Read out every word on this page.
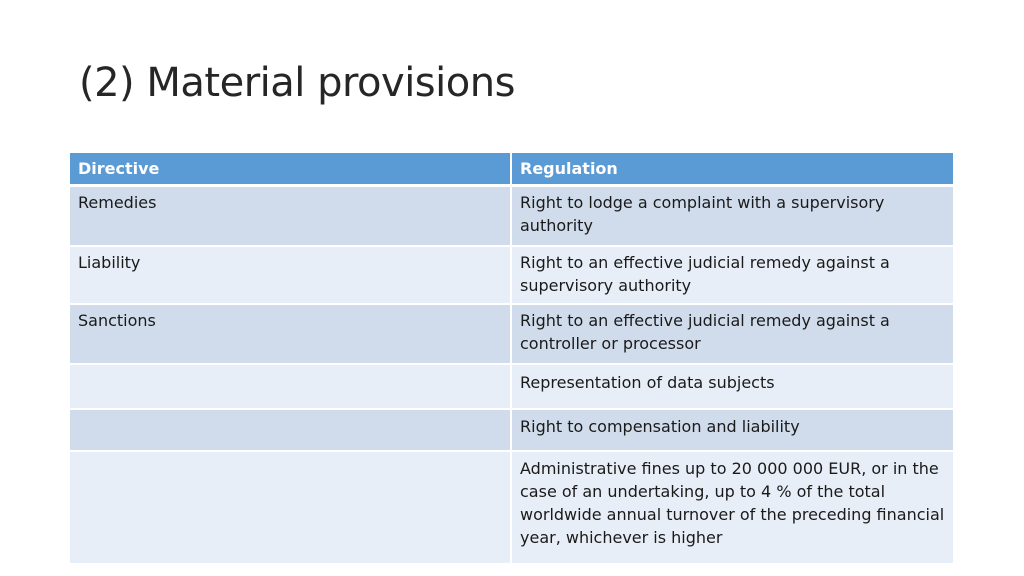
(2) Material provisions
Directive	Regulation
Remedies	Right to lodge a complaint with a supervisory authority
Liability	Right to an effective judicial remedy against a supervisory authority
Sanctions	Right to an effective judicial remedy against a controller or processor
	Representation of data subjects
	Right to compensation and liability
	Administrative fines up to 20 000 000 EUR, or in the case of an undertaking, up to 4 % of the total worldwide annual turnover of the preceding financial year, whichever is higher
